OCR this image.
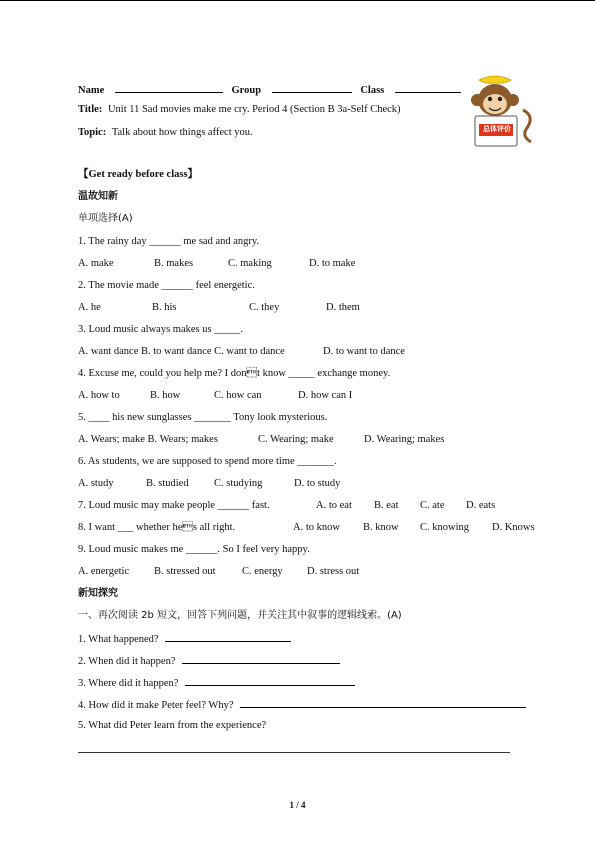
总体评价
Name	Group	Class
Title: Unit 11 Sad movies make me cry. Period 4 (Section B 3a-Self Check)
Topic: Talk about how things affect you.
【Get ready before class】
温故知新
单项选择(A)
1. The rainy day ______ me sad and angry.
A. make	B. makes	C. making	D. to make
2. The movie made ______ feel energetic.
A. he	B. his	C. they	D. them
3. Loud music always makes us _____.
A. want dance B. to want dance C. want to dance	D. to want to dance
4. Excuse me, could you help me? I dont know _____ exchange money.
A. how to	B. how	C. how can	D. how can I
5. ____ his new sunglasses _______ Tony look mysterious.
A. Wears; make B. Wears; makes	C. Wearing; make	D. Wearing; makes
6. As students, we are supposed to spend more time _______.
A. study	B. studied C. studying	D. to study
7. Loud music may make people ______ fast.	A. to eat B. eat C. ate D. eats
8. I want ___ whether hes all right.	A. to know B. know C. knowing D. Knows
9. Loud music makes me ______. So I feel very happy.
A. energetic B. stressed out	C. energy D. stress out
新知探究
一、再次阅读 2b 短文，回答下列问题，并关注其中叙事的逻辑线索。(A)
1. What happened?
2. When did it happen?
3. Where did it happen?
4. How did it make Peter feel? Why?
5. What did Peter learn from the experience?
1 / 4
